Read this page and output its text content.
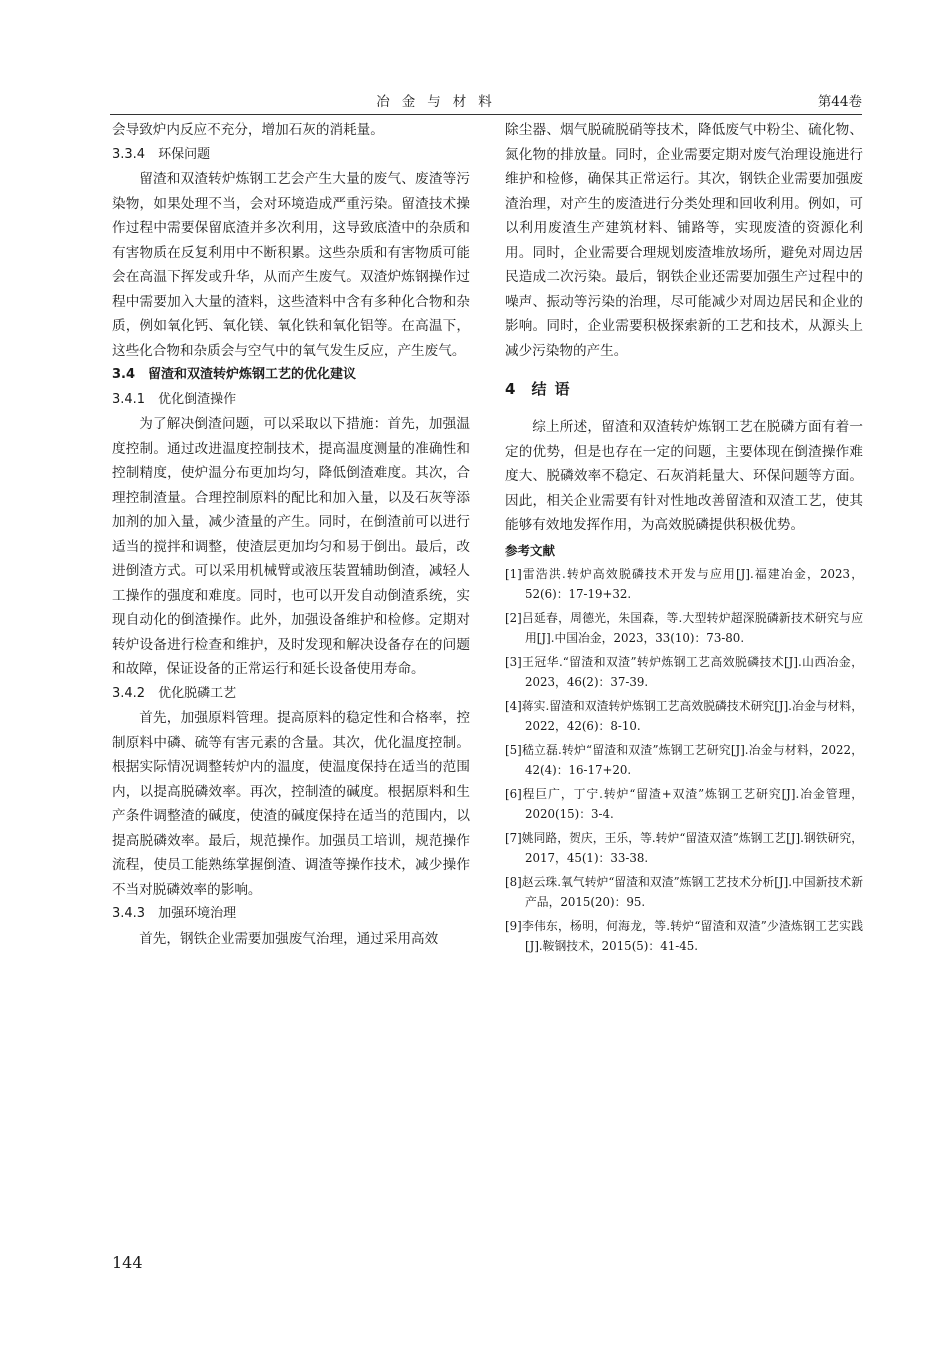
冶金与材料	第44卷

会导致炉内反应不充分，增加石灰的消耗量。

3.3.4　环保问题

留渣和双渣转炉炼钢工艺会产生大量的废气、废渣等污染物，如果处理不当，会对环境造成严重污染。留渣技术操作过程中需要保留底渣并多次利用，这导致底渣中的杂质和有害物质在反复利用中不断积累。这些杂质和有害物质可能会在高温下挥发或升华，从而产生废气。双渣炉炼钢操作过程中需要加入大量的渣料，这些渣料中含有多种化合物和杂质，例如氧化钙、氧化镁、氧化铁和氧化铝等。在高温下，这些化合物和杂质会与空气中的氧气发生反应，产生废气。

3.4　留渣和双渣转炉炼钢工艺的优化建议

3.4.1　优化倒渣操作

为了解决倒渣问题，可以采取以下措施：首先，加强温度控制。通过改进温度控制技术，提高温度测量的准确性和控制精度，使炉温分布更加均匀，降低倒渣难度。其次，合理控制渣量。合理控制原料的配比和加入量，以及石灰等添加剂的加入量，减少渣量的产生。同时，在倒渣前可以进行适当的搅拌和调整，使渣层更加均匀和易于倒出。最后，改进倒渣方式。可以采用机械臂或液压装置辅助倒渣，减轻人工操作的强度和难度。同时，也可以开发自动倒渣系统，实现自动化的倒渣操作。此外，加强设备维护和检修。定期对转炉设备进行检查和维护，及时发现和解决设备存在的问题和故障，保证设备的正常运行和延长设备使用寿命。

3.4.2　优化脱磷工艺

首先，加强原料管理。提高原料的稳定性和合格率，控制原料中磷、硫等有害元素的含量。其次，优化温度控制。根据实际情况调整转炉内的温度，使温度保持在适当的范围内，以提高脱磷效率。再次，控制渣的碱度。根据原料和生产条件调整渣的碱度，使渣的碱度保持在适当的范围内，以提高脱磷效率。最后，规范操作。加强员工培训，规范操作流程，使员工能熟练掌握倒渣、调渣等操作技术，减少操作不当对脱磷效率的影响。

3.4.3　加强环境治理

首先，钢铁企业需要加强废气治理，通过采用高效

除尘器、烟气脱硫脱硝等技术，降低废气中粉尘、硫化物、氮化物的排放量。同时，企业需要定期对废气治理设施进行维护和检修，确保其正常运行。其次，钢铁企业需要加强废渣治理，对产生的废渣进行分类处理和回收利用。例如，可以利用废渣生产建筑材料、铺路等，实现废渣的资源化利用。同时，企业需要合理规划废渣堆放场所，避免对周边居民造成二次污染。最后，钢铁企业还需要加强生产过程中的噪声、振动等污染的治理，尽可能减少对周边居民和企业的影响。同时，企业需要积极探索新的工艺和技术，从源头上减少污染物的产生。

4 结语

综上所述，留渣和双渣转炉炼钢工艺在脱磷方面有着一定的优势，但是也存在一定的问题，主要体现在倒渣操作难度大、脱磷效率不稳定、石灰消耗量大、环保问题等方面。因此，相关企业需要有针对性地改善留渣和双渣工艺，使其能够有效地发挥作用，为高效脱磷提供积极优势。

参考文献

[1]雷浩洪.转炉高效脱磷技术开发与应用[J].福建冶金，2023，52(6)：17-19+32.

[2]吕延春，周德光，朱国森，等.大型转炉超深脱磷新技术研究与应用[J].中国冶金，2023，33(10)：73-80.

[3]王冠华.“留渣和双渣”转炉炼钢工艺高效脱磷技术[J].山西冶金，2023，46(2)：37-39.

[4]蒋实.留渣和双渣转炉炼钢工艺高效脱磷技术研究[J].冶金与材料，2022，42(6)：8-10.

[5]嵇立磊.转炉“留渣和双渣”炼钢工艺研究[J].冶金与材料，2022，42(4)：16-17+20.

[6]程巨广，丁宁.转炉“留渣+双渣”炼钢工艺研究[J].冶金管理，2020(15)：3-4.

[7]姚同路，贺庆，王乐，等.转炉“留渣双渣”炼钢工艺[J].钢铁研究，2017，45(1)：33-38.

[8]赵云珠.氧气转炉“留渣和双渣”炼钢工艺技术分析[J].中国新技术新产品，2015(20)：95.

[9]李伟东，杨明，何海龙，等.转炉“留渣和双渣”少渣炼钢工艺实践[J].鞍钢技术，2015(5)：41-45.

144
